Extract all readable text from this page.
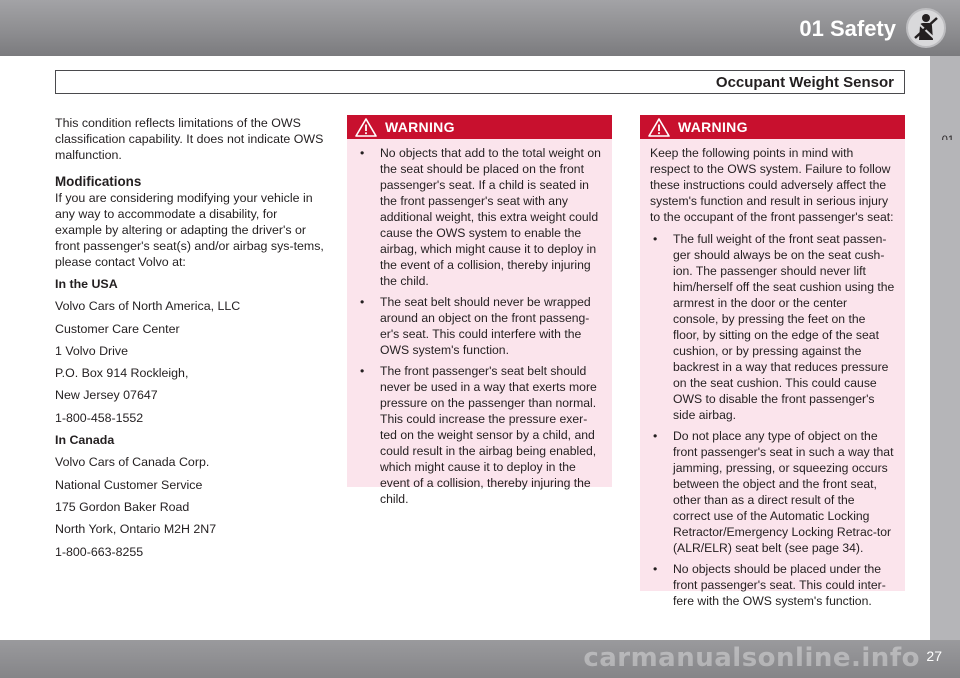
01 Safety
Occupant Weight Sensor

This condition reflects limitations of the OWS classification capability. It does not indicate OWS malfunction.

Modifications

If you are considering modifying your vehicle in any way to accommodate a disability, for example by altering or adapting the driver's or front passenger's seat(s) and/or airbag sys-tems, please contact Volvo at:

In the USA

Volvo Cars of North America, LLC

Customer Care Center

1 Volvo Drive

P.O. Box 914 Rockleigh,

New Jersey 07647

1-800-458-1552

In Canada

Volvo Cars of Canada Corp.

National Customer Service

175 Gordon Baker Road

North York, Ontario M2H 2N7

1-800-663-8255

WARNING
• No objects that add to the total weight on the seat should be placed on the front passenger's seat. If a child is seated in the front passenger's seat with any additional weight, this extra weight could cause the OWS system to enable the airbag, which might cause it to deploy in the event of a collision, thereby injuring the child.
• The seat belt should never be wrapped around an object on the front passeng-er's seat. This could interfere with the OWS system's function.
• The front passenger's seat belt should never be used in a way that exerts more pressure on the passenger than normal. This could increase the pressure exer-ted on the weight sensor by a child, and could result in the airbag being enabled, which might cause it to deploy in the event of a collision, thereby injuring the child.
WARNING

Keep the following points in mind with respect to the OWS system. Failure to follow these instructions could adversely affect the system's function and result in serious injury to the occupant of the front passenger's seat:

• The full weight of the front seat passen-ger should always be on the seat cush-ion. The passenger should never lift him/herself off the seat cushion using the armrest in the door or the center console, by pressing the feet on the floor, by sitting on the edge of the seat cushion, or by pressing against the backrest in a way that reduces pressure on the seat cushion. This could cause OWS to disable the front passenger's side airbag.
• Do not place any type of object on the front passenger's seat in such a way that jamming, pressing, or squeezing occurs between the object and the front seat, other than as a direct result of the correct use of the Automatic Locking Retractor/Emergency Locking Retrac-tor (ALR/ELR) seat belt (see page 34).
• No objects should be placed under the front passenger's seat. This could inter-fere with the OWS system's function.
carmanualsonline.info 27
